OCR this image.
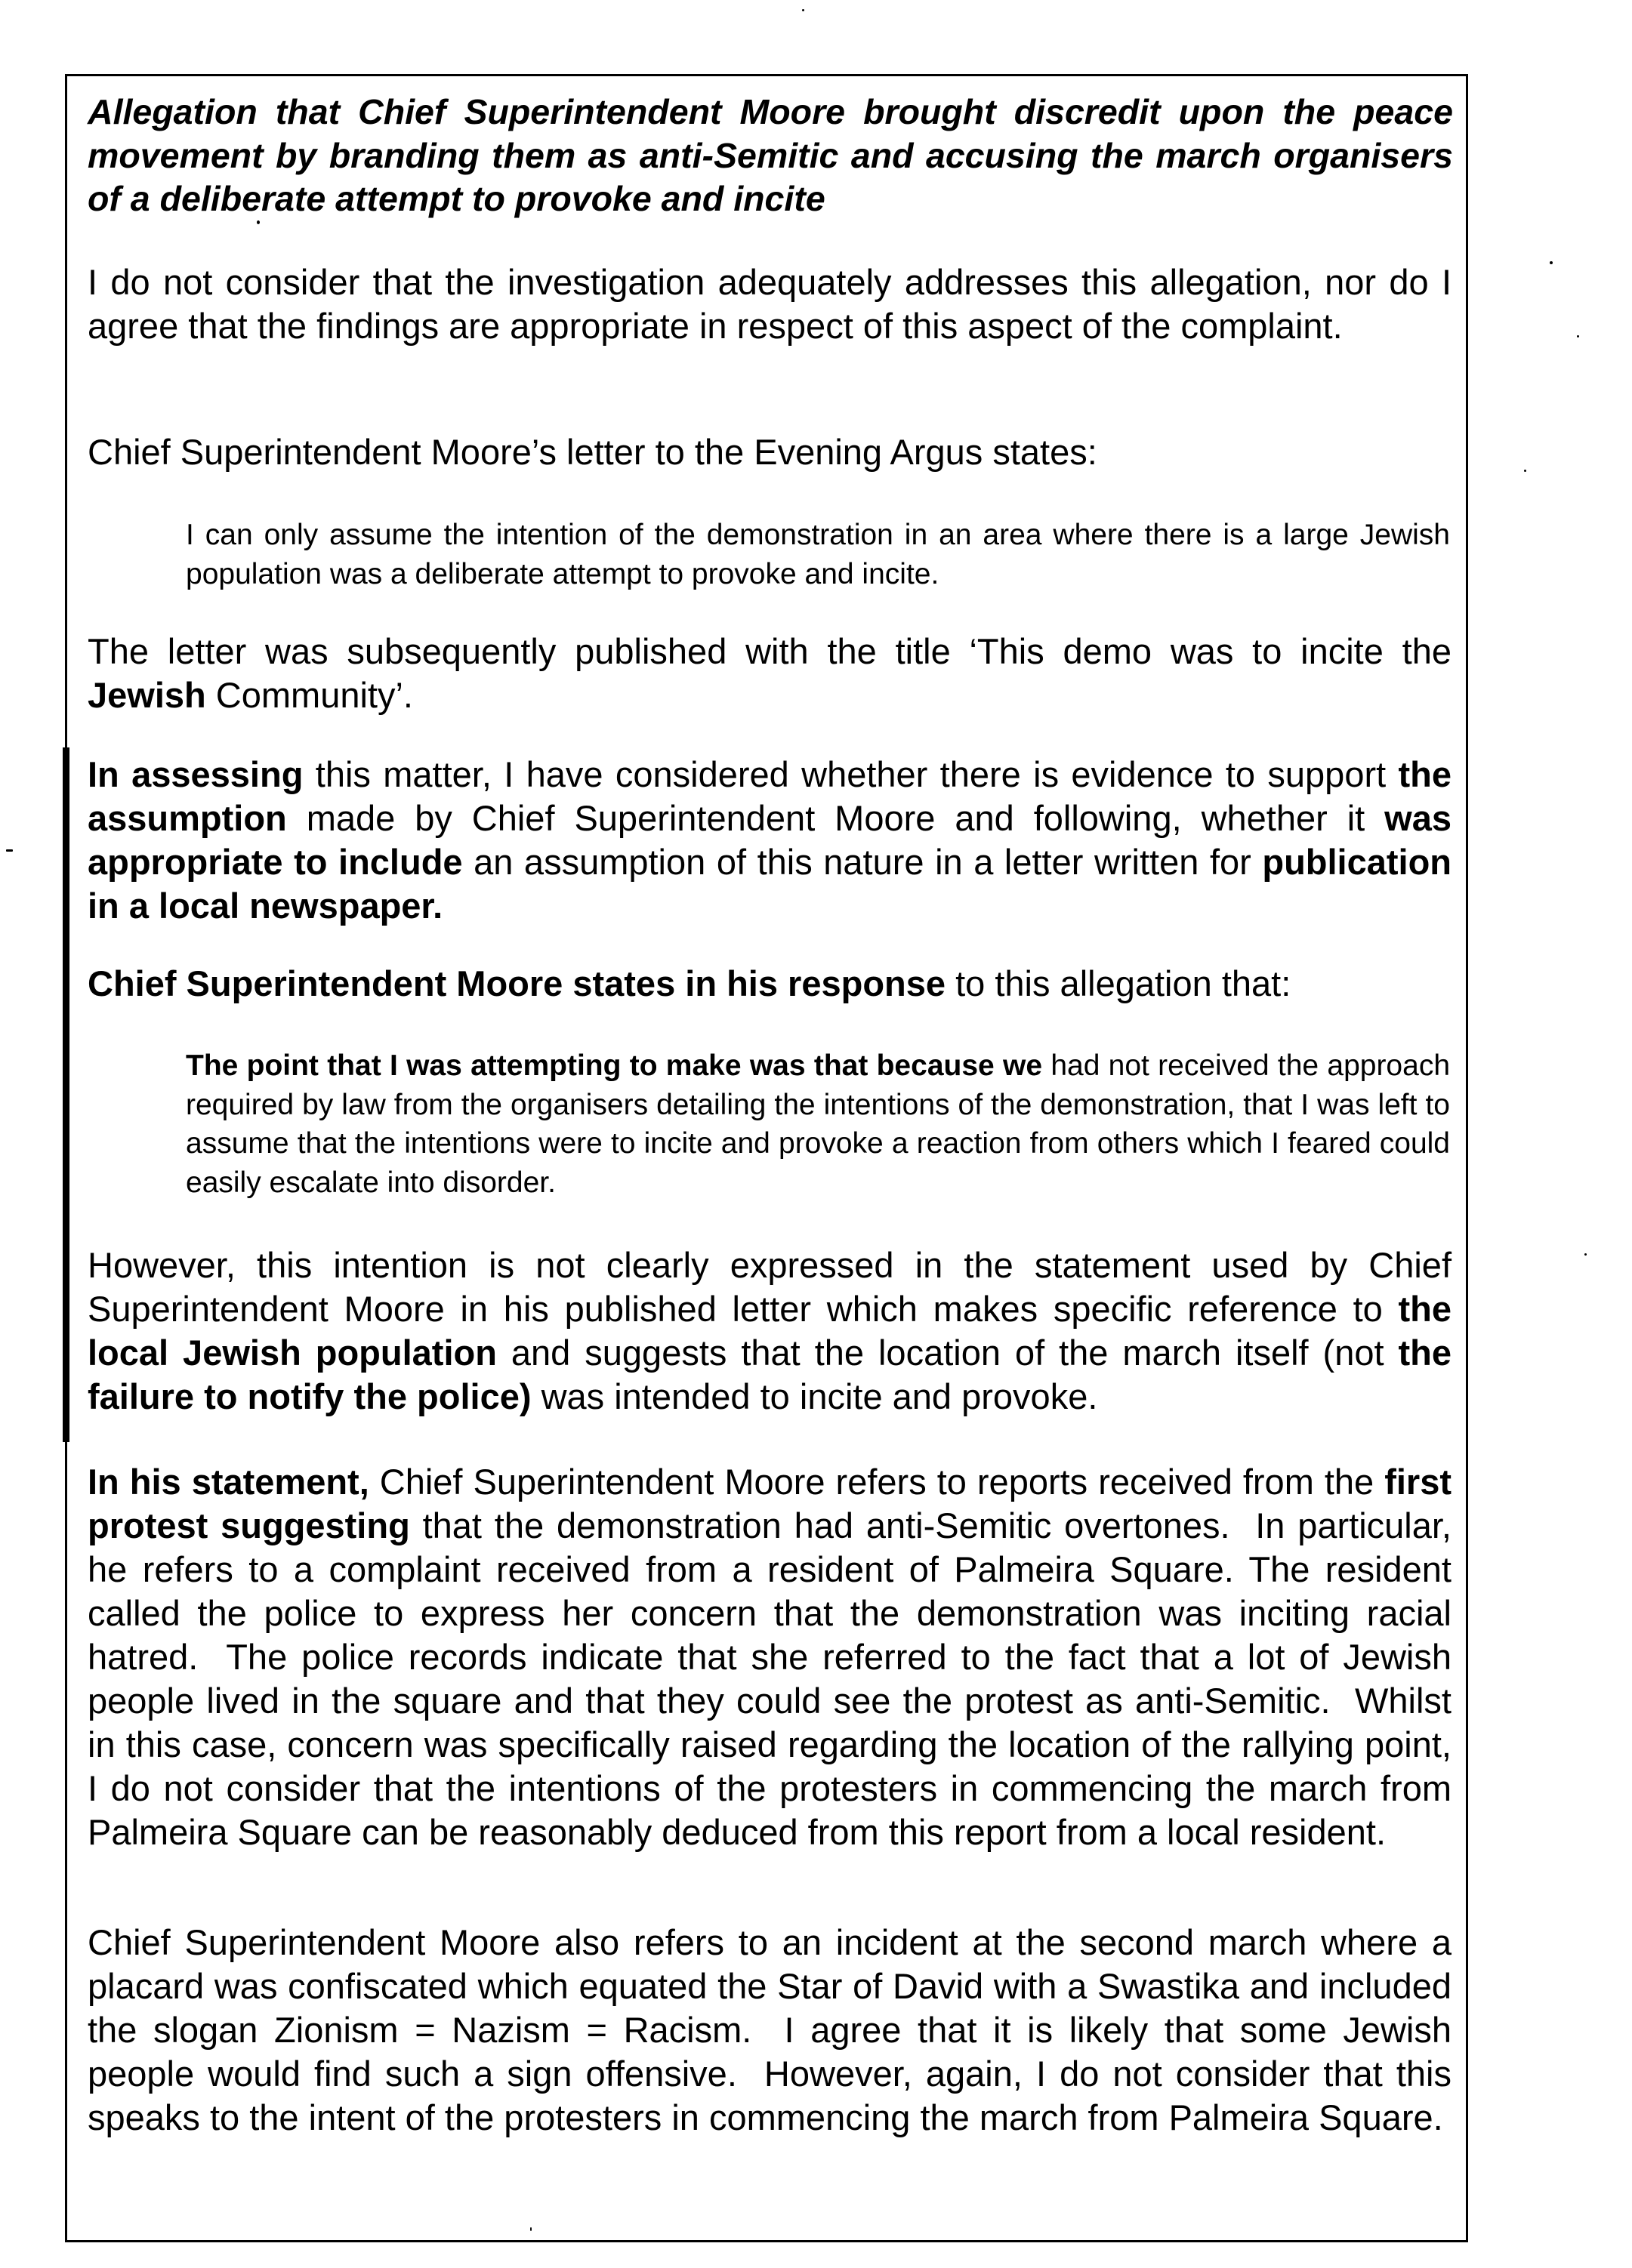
Allegation that Chief Superintendent Moore brought discredit upon the peace movement by branding them as anti-Semitic and accusing the march organisers of a deliberate attempt to provoke and incite
I do not consider that the investigation adequately addresses this allegation, nor do I agree that the findings are appropriate in respect of this aspect of the complaint.
Chief Superintendent Moore’s letter to the Evening Argus states:
I can only assume the intention of the demonstration in an area where there is a large Jewish population was a deliberate attempt to provoke and incite.
The letter was subsequently published with the title ‘This demo was to incite the Jewish Community’.
In assessing this matter, I have considered whether there is evidence to support the assumption made by Chief Superintendent Moore and following, whether it was appropriate to include an assumption of this nature in a letter written for publication in a local newspaper.
Chief Superintendent Moore states in his response to this allegation that:
The point that I was attempting to make was that because we had not received the approach required by law from the organisers detailing the intentions of the demonstration, that I was left to assume that the intentions were to incite and provoke a reaction from others which I feared could easily escalate into disorder.
However, this intention is not clearly expressed in the statement used by Chief Superintendent Moore in his published letter which makes specific reference to the local Jewish population and suggests that the location of the march itself (not the failure to notify the police) was intended to incite and provoke.
In his statement, Chief Superintendent Moore refers to reports received from the first protest suggesting that the demonstration had anti-Semitic overtones.  In particular, he refers to a complaint received from a resident of Palmeira Square. The resident called the police to express her concern that the demonstration was inciting racial hatred.  The police records indicate that she referred to the fact that a lot of Jewish people lived in the square and that they could see the protest as anti-Semitic.  Whilst in this case, concern was specifically raised regarding the location of the rallying point, I do not consider that the intentions of the protesters in commencing the march from Palmeira Square can be reasonably deduced from this report from a local resident.
Chief Superintendent Moore also refers to an incident at the second march where a placard was confiscated which equated the Star of David with a Swastika and included the slogan Zionism = Nazism = Racism.  I agree that it is likely that some Jewish people would find such a sign offensive.  However, again, I do not consider that this speaks to the intent of the protesters in commencing the march from Palmeira Square.
